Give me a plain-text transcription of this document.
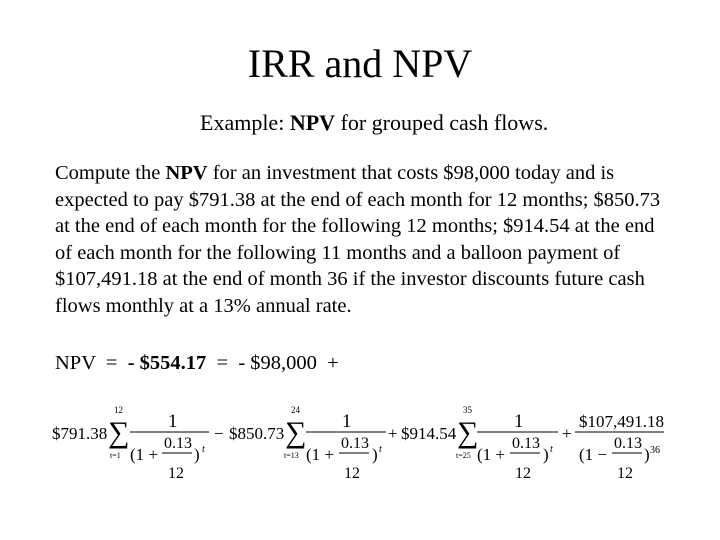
IRR and NPV
Example: NPV for grouped cash flows.
Compute the NPV for an investment that costs $98,000 today and is expected to pay $791.38 at the end of each month for 12 months; $850.73 at the end of each month for the following 12 months; $914.54 at the end of each month for the following 11 months and a balloon payment of $107,491.18 at the end of month 36 if the investor discounts future cash flows monthly at a 13% annual rate.
NPV  =  - $554.17  =  - $98,000  +
$791.38
12
∑
t=1
1
(1 +
0.13
12
) t
− $850.73
24
∑
t=13
1
(1 +
0.13
12
) t
+ $914.54
35
∑
t=25
1
(1 +
0.13
12
) t
+
$107,491.18
(1 −
0.13
12
) 36
